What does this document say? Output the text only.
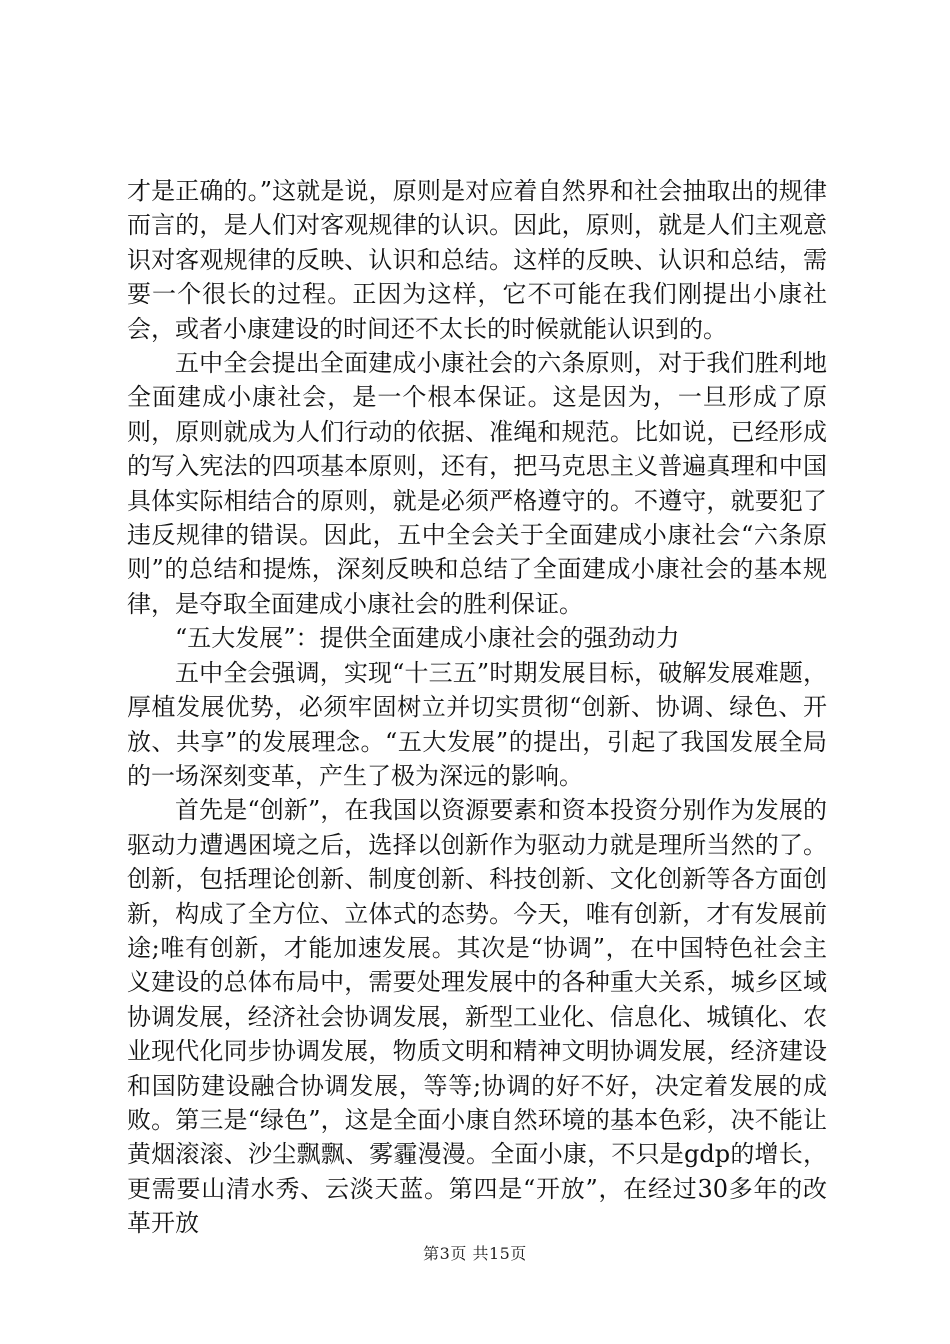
才是正确的。”这就是说，原则是对应着自然界和社会抽取出的规律而言的，是人们对客观规律的认识。因此，原则，就是人们主观意识对客观规律的反映、认识和总结。这样的反映、认识和总结，需要一个很长的过程。正因为这样，它不可能在我们刚提出小康社会，或者小康建设的时间还不太长的时候就能认识到的。

五中全会提出全面建成小康社会的六条原则，对于我们胜利地全面建成小康社会，是一个根本保证。这是因为，一旦形成了原则，原则就成为人们行动的依据、准绳和规范。比如说，已经形成的写入宪法的四项基本原则，还有，把马克思主义普遍真理和中国具体实际相结合的原则，就是必须严格遵守的。不遵守，就要犯了违反规律的错误。因此，五中全会关于全面建成小康社会“六条原则”的总结和提炼，深刻反映和总结了全面建成小康社会的基本规律，是夺取全面建成小康社会的胜利保证。

“五大发展”：提供全面建成小康社会的强劲动力

五中全会强调，实现“十三五”时期发展目标，破解发展难题，厚植发展优势，必须牢固树立并切实贯彻“创新、协调、绿色、开放、共享”的发展理念。“五大发展”的提出，引起了我国发展全局的一场深刻变革，产生了极为深远的影响。

首先是“创新”，在我国以资源要素和资本投资分别作为发展的驱动力遭遇困境之后，选择以创新作为驱动力就是理所当然的了。创新，包括理论创新、制度创新、科技创新、文化创新等各方面创新，构成了全方位、立体式的态势。今天，唯有创新，才有发展前途;唯有创新，才能加速发展。其次是“协调”，在中国特色社会主义建设的总体布局中，需要处理发展中的各种重大关系，城乡区域协调发展，经济社会协调发展，新型工业化、信息化、城镇化、农业现代化同步协调发展，物质文明和精神文明协调发展，经济建设和国防建设融合协调发展，等等;协调的好不好，决定着发展的成败。第三是“绿色”，这是全面小康自然环境的基本色彩，决不能让黄烟滚滚、沙尘飘飘、雾霾漫漫。全面小康，不只是gdp的增长，更需要山清水秀、云淡天蓝。第四是“开放”，在经过30多年的改革开放

第3页 共15页
